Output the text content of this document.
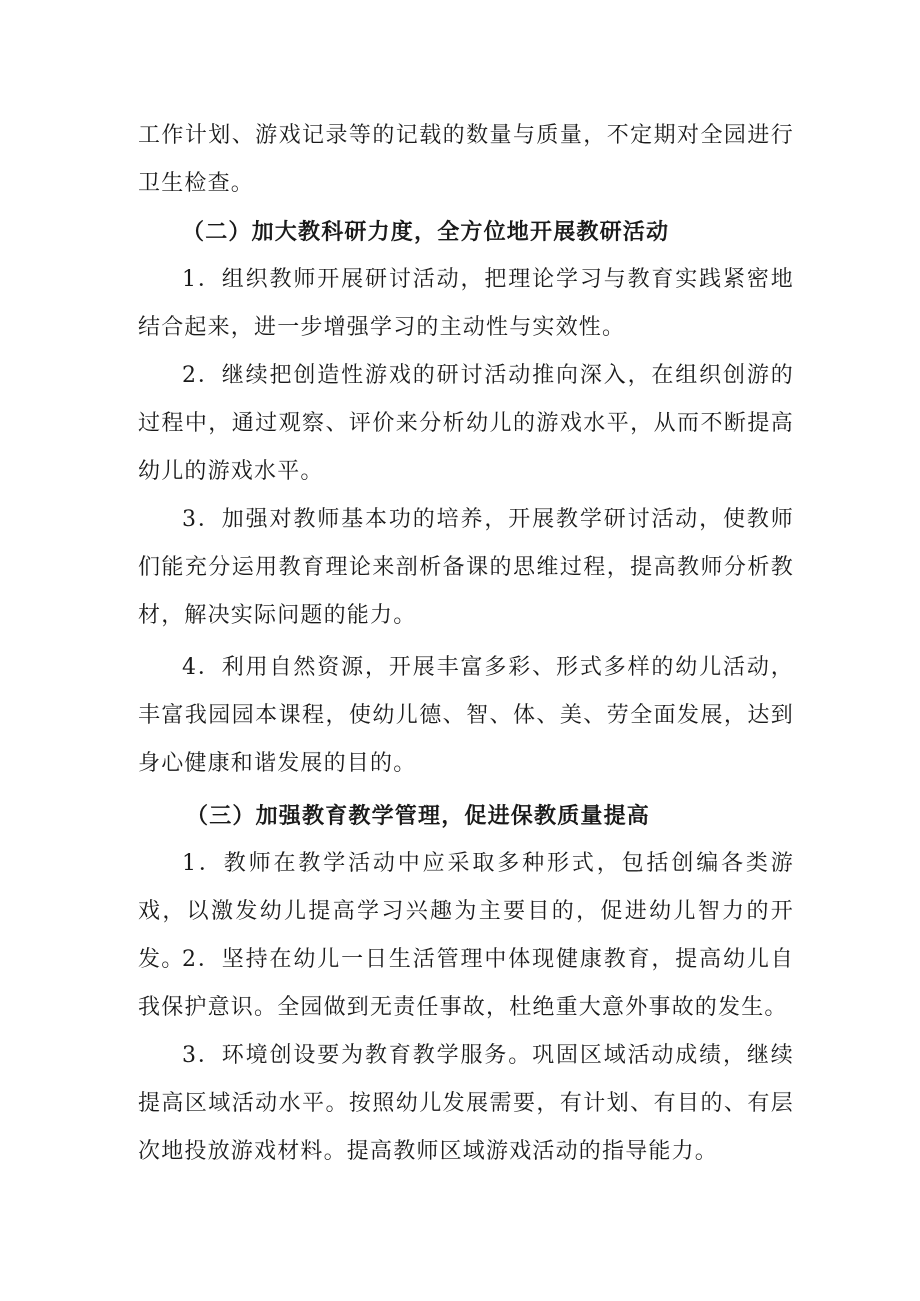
工作计划、游戏记录等的记载的数量与质量，不定期对全园进行卫生检查。

（二）加大教科研力度，全方位地开展教研活动

1．组织教师开展研讨活动，把理论学习与教育实践紧密地结合起来，进一步增强学习的主动性与实效性。

2．继续把创造性游戏的研讨活动推向深入，在组织创游的过程中，通过观察、评价来分析幼儿的游戏水平，从而不断提高幼儿的游戏水平。

3．加强对教师基本功的培养，开展教学研讨活动，使教师们能充分运用教育理论来剖析备课的思维过程，提高教师分析教材，解决实际问题的能力。

4．利用自然资源，开展丰富多彩、形式多样的幼儿活动，丰富我园园本课程，使幼儿德、智、体、美、劳全面发展，达到身心健康和谐发展的目的。

（三）加强教育教学管理，促进保教质量提高

1．教师在教学活动中应采取多种形式，包括创编各类游戏，以激发幼儿提高学习兴趣为主要目的，促进幼儿智力的开发。

2．坚持在幼儿一日生活管理中体现健康教育，提高幼儿自我保护意识。全园做到无责任事故，杜绝重大意外事故的发生。

3．环境创设要为教育教学服务。巩固区域活动成绩，继续提高区域活动水平。按照幼儿发展需要，有计划、有目的、有层次地投放游戏材料。提高教师区域游戏活动的指导能力。
